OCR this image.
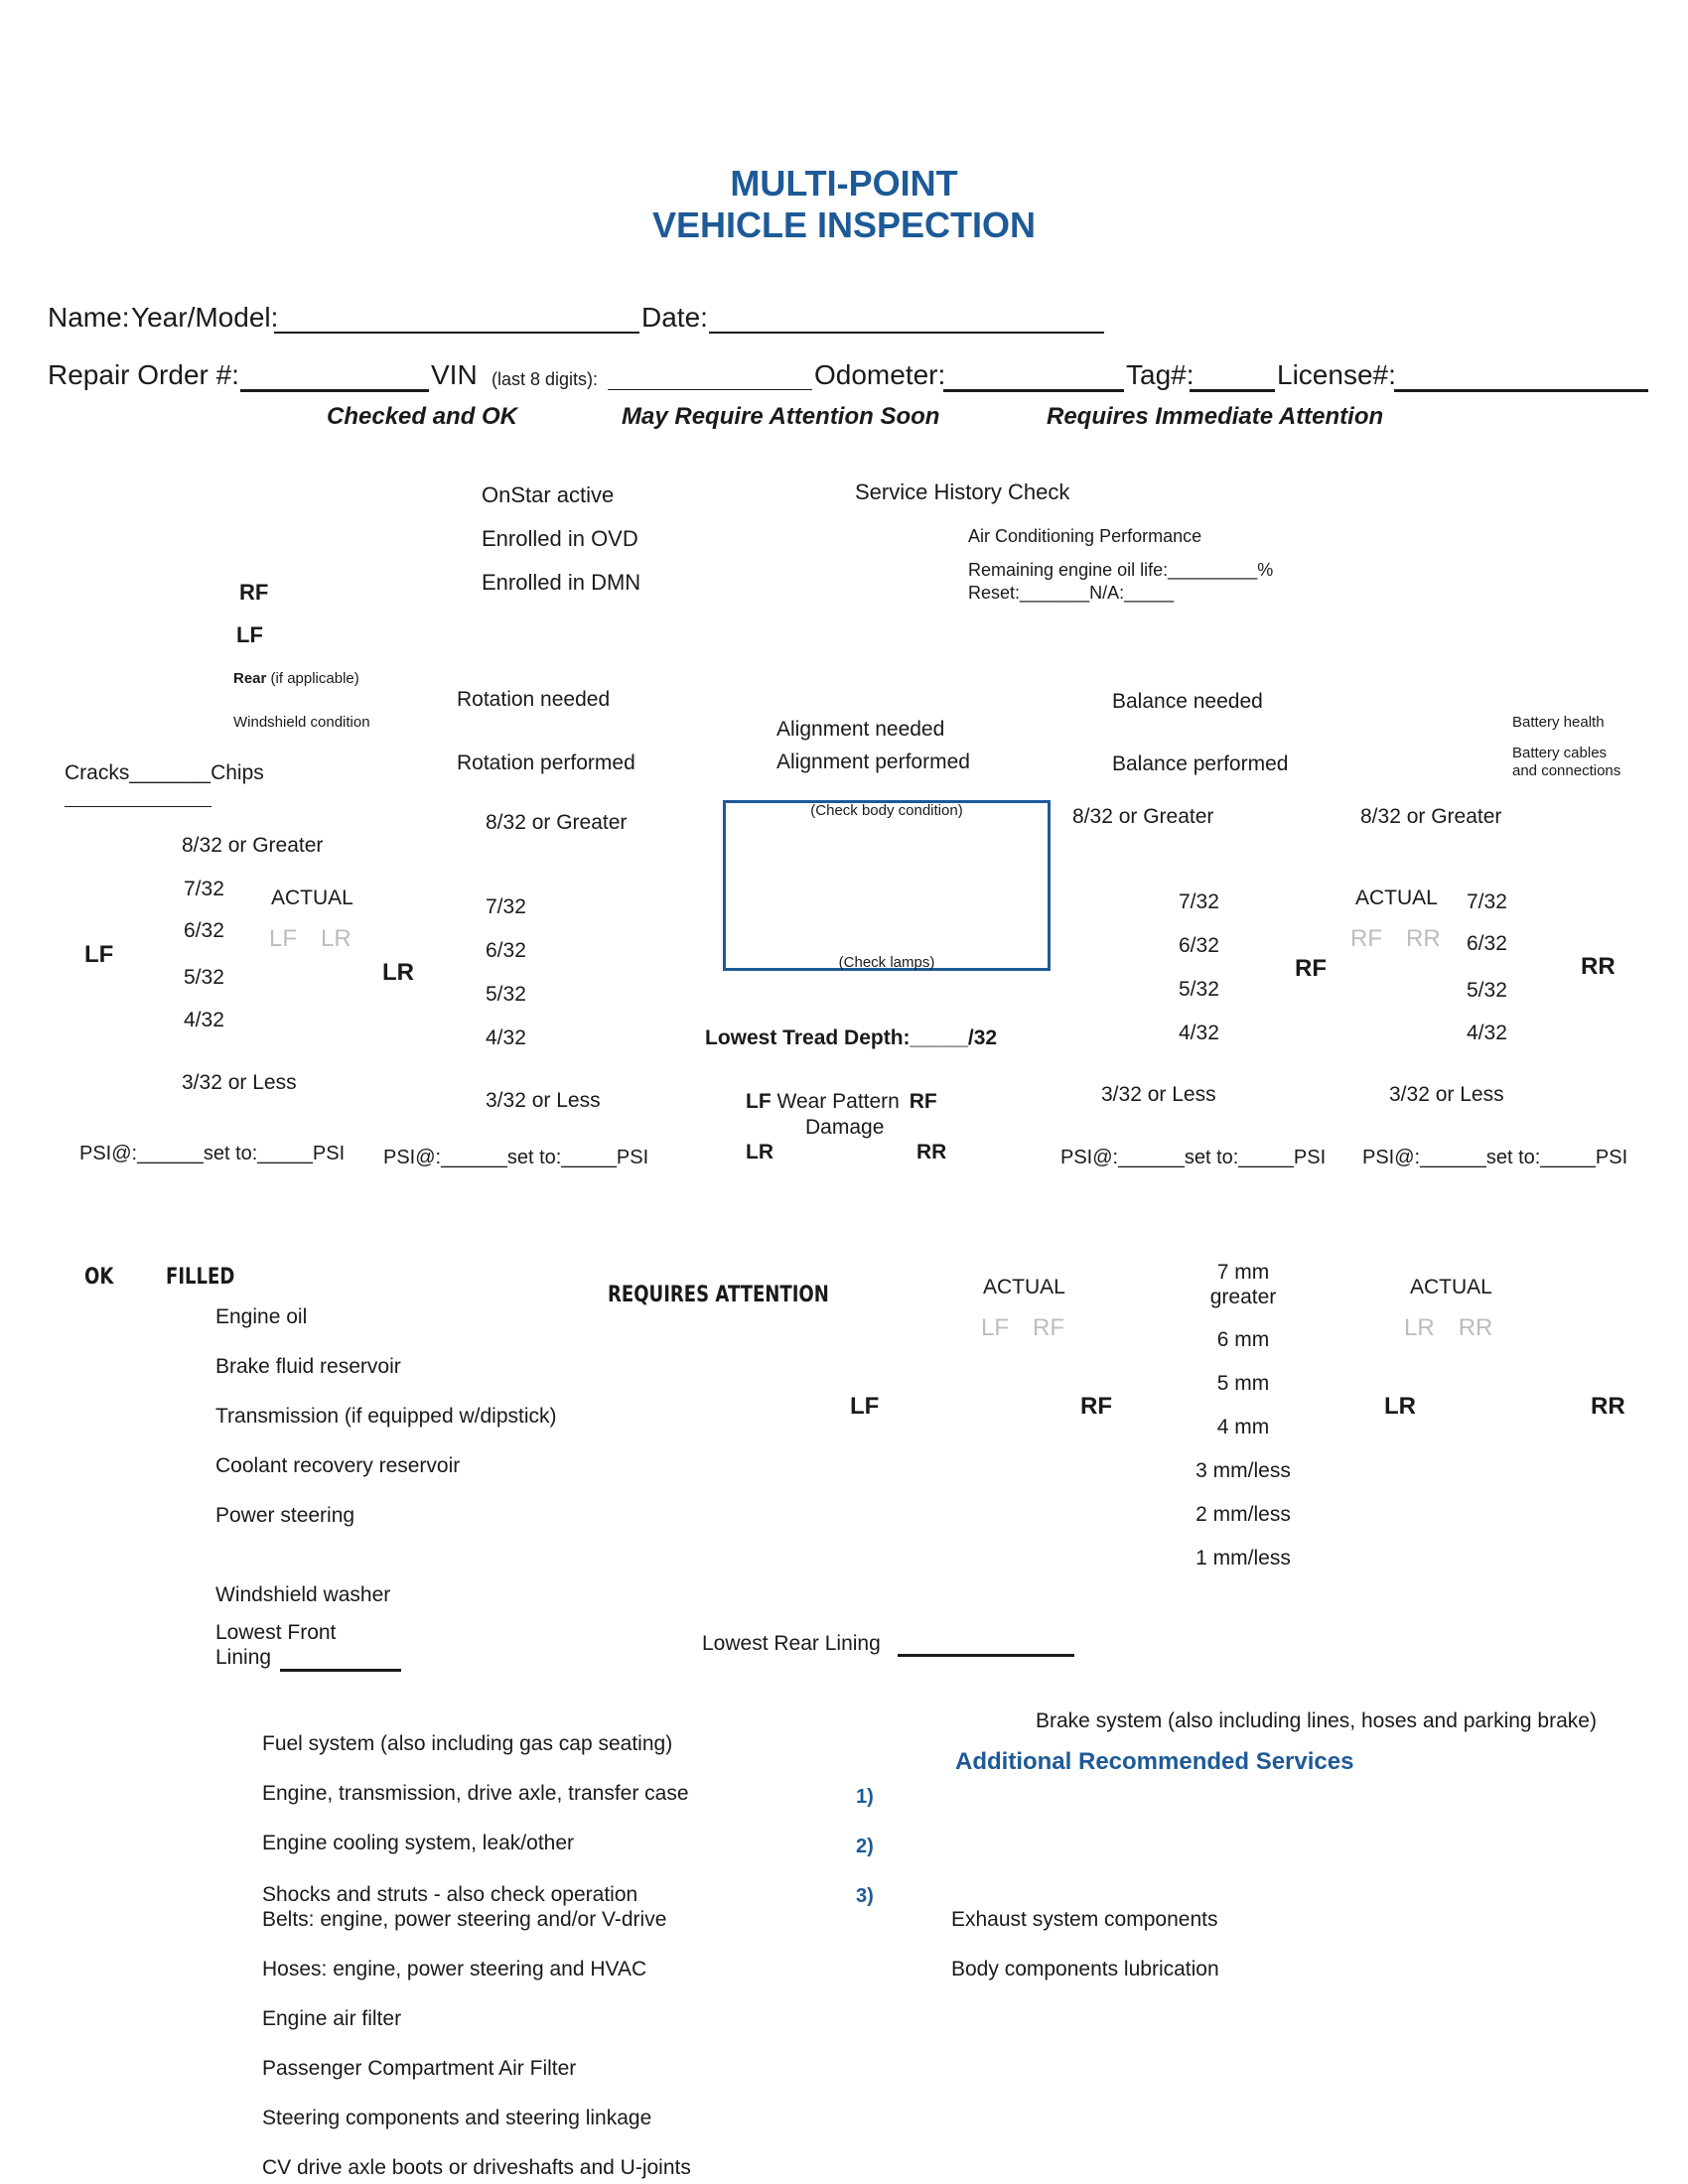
MULTI-POINT
VEHICLE INSPECTION
Name: Year/Model:	Date:
Repair Order #:	VIN (last 8 digits):	Odometer:	Tag#:	License#:
Checked and OK	May Require Attention Soon	Requires Immediate Attention
OnStar active
Enrolled in OVD
Enrolled in DMN
Service History Check
Air Conditioning Performance
Remaining engine oil life:_________%
Reset:_______N/A:_____
RF
LF
Rear (if applicable)
Windshield condition
Cracks_______Chips
Rotation needed
Rotation performed
Alignment needed
Alignment performed
Balance needed
Balance performed
Battery health
Battery cables
and connections
8/32 or Greater
7/32
6/32
5/32
4/32
3/32 or Less
ACTUAL
LF LR
LF
PSI@:______set to:_____PSI
LR
8/32 or Greater
7/32
6/32
5/32
4/32
3/32 or Less
PSI@:______set to:_____PSI
(Check body condition)
(Check lamps)
Lowest Tread Depth:_____/32
LF Wear Pattern RF
Damage
LR	RR
8/32 or Greater
7/32
6/32
5/32
4/32
3/32 or Less
RF
PSI@:______set to:_____PSI
8/32 or Greater
ACTUAL
RF RR
7/32
6/32
5/32
4/32
3/32 or Less
RR
PSI@:______set to:_____PSI
OK FILLED
REQUIRES ATTENTION
Engine oil
Brake fluid reservoir
Transmission (if equipped w/dipstick)
Coolant recovery reservoir
Power steering
Windshield washer
Lowest Front
Lining
Lowest Rear Lining
ACTUAL
LF RF
LF	RF
7 mm
greater
6 mm
5 mm
4 mm
3 mm/less
2 mm/less
1 mm/less
ACTUAL
LR RR
LR	RR
Fuel system (also including gas cap seating)
Engine, transmission, drive axle, transfer case
Engine cooling system, leak/other
Shocks and struts - also check operation
Belts: engine, power steering and/or V-drive
Hoses: engine, power steering and HVAC
Engine air filter
Passenger Compartment Air Filter
Steering components and steering linkage
CV drive axle boots or driveshafts and U-joints
Brake system (also including lines, hoses and parking brake)
Additional Recommended Services
1)
2)
3)
Exhaust system components
Body components lubrication
